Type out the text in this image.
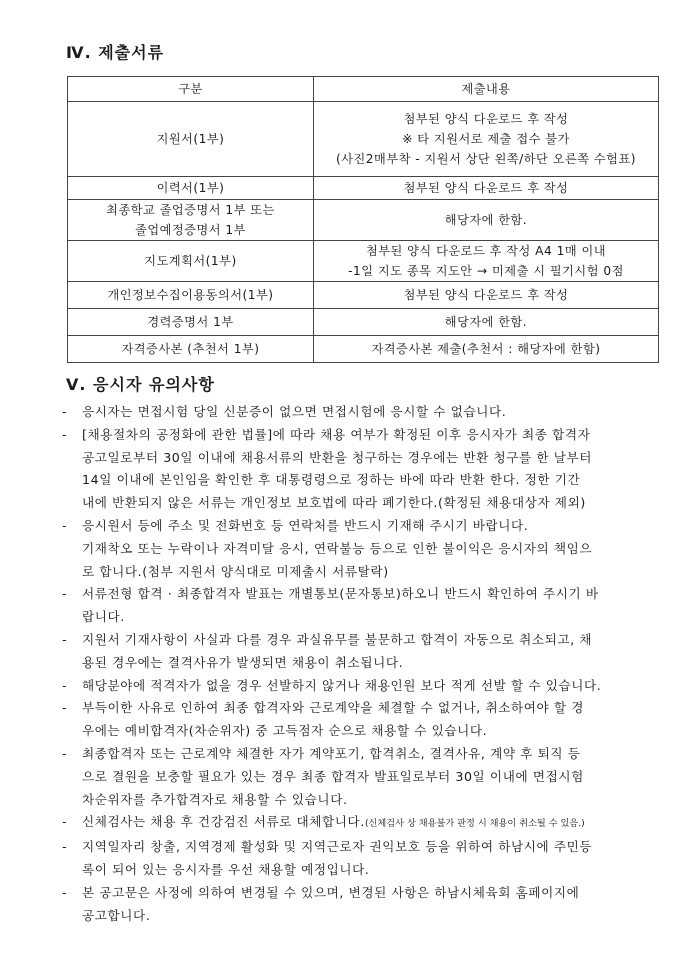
Ⅳ. 제출서류
구분	제출내용

지원서(1부)	첨부된 양식 다운로드 후 작성
※ 타 지원서로 제출 접수 불가
(사진2매부착 - 지원서 상단 왼쪽/하단 오른쪽 수험표)

이력서(1부)	첨부된 양식 다운로드 후 작성

최종학교 졸업증명서 1부 또는
졸업예정증명서 1부	해당자에 한함.

지도계획서(1부)	첨부된 양식 다운로드 후 작성 A4 1매 이내
-1일 지도 종목 지도안 → 미제출 시 필기시험 0점

개인정보수집이용동의서(1부)	첨부된 양식 다운로드 후 작성

경력증명서 1부	해당자에 한함.

자격증사본 (추천서 1부)	자격증사본 제출(추천서 : 해당자에 한함)
Ⅴ. 응시자 유의사항
- 응시자는 면접시험 당일 신분증이 없으면 면접시험에 응시할 수 없습니다.
- [채용절차의 공정화에 관한 법률]에 따라 채용 여부가 확정된 이후 응시자가 최종 합격자
공고일로부터 30일 이내에 채용서류의 반환을 청구하는 경우에는 반환 청구를 한 날부터
14일 이내에 본인임을 확인한 후 대통령령으로 정하는 바에 따라 반환 한다. 정한 기간
내에 반환되지 않은 서류는 개인정보 보호법에 따라 폐기한다.(확정된 채용대상자 제외)
- 응시원서 등에 주소 및 전화번호 등 연락처를 반드시 기재해 주시기 바랍니다.
기재착오 또는 누락이나 자격미달 응시, 연락불능 등으로 인한 불이익은 응시자의 책임으
로 합니다.(첨부 지원서 양식대로 미제출시 서류탈락)
- 서류전형 합격 · 최종합격자 발표는 개별통보(문자통보)하오니 반드시 확인하여 주시기 바
랍니다.
- 지원서 기재사항이 사실과 다를 경우 과실유무를 불문하고 합격이 자동으로 취소되고, 채
용된 경우에는 결격사유가 발생되면 채용이 취소됩니다.
- 해당분야에 적격자가 없을 경우 선발하지 않거나 채용인원 보다 적게 선발 할 수 있습니다.
- 부득이한 사유로 인하여 최종 합격자와 근로계약을 체결할 수 없거나, 취소하여야 할 경
우에는 예비합격자(차순위자) 중 고득점자 순으로 채용할 수 있습니다.
- 최종합격자 또는 근로계약 체결한 자가 계약포기, 합격취소, 결격사유, 계약 후 퇴직 등
으로 결원을 보충할 필요가 있는 경우 최종 합격자 발표일로부터 30일 이내에 면접시험
차순위자를 추가합격자로 채용할 수 있습니다.
- 신체검사는 채용 후 건강검진 서류로 대체합니다.(신체검사 상 채용불가 판정 시 채용이 취소될 수 있음.)
- 지역일자리 창출, 지역경제 활성화 및 지역근로자 권익보호 등을 위하여 하남시에 주민등
록이 되어 있는 응시자를 우선 채용할 예정입니다.
- 본 공고문은 사정에 의하여 변경될 수 있으며, 변경된 사항은 하남시체육회 홈페이지에
공고합니다.
